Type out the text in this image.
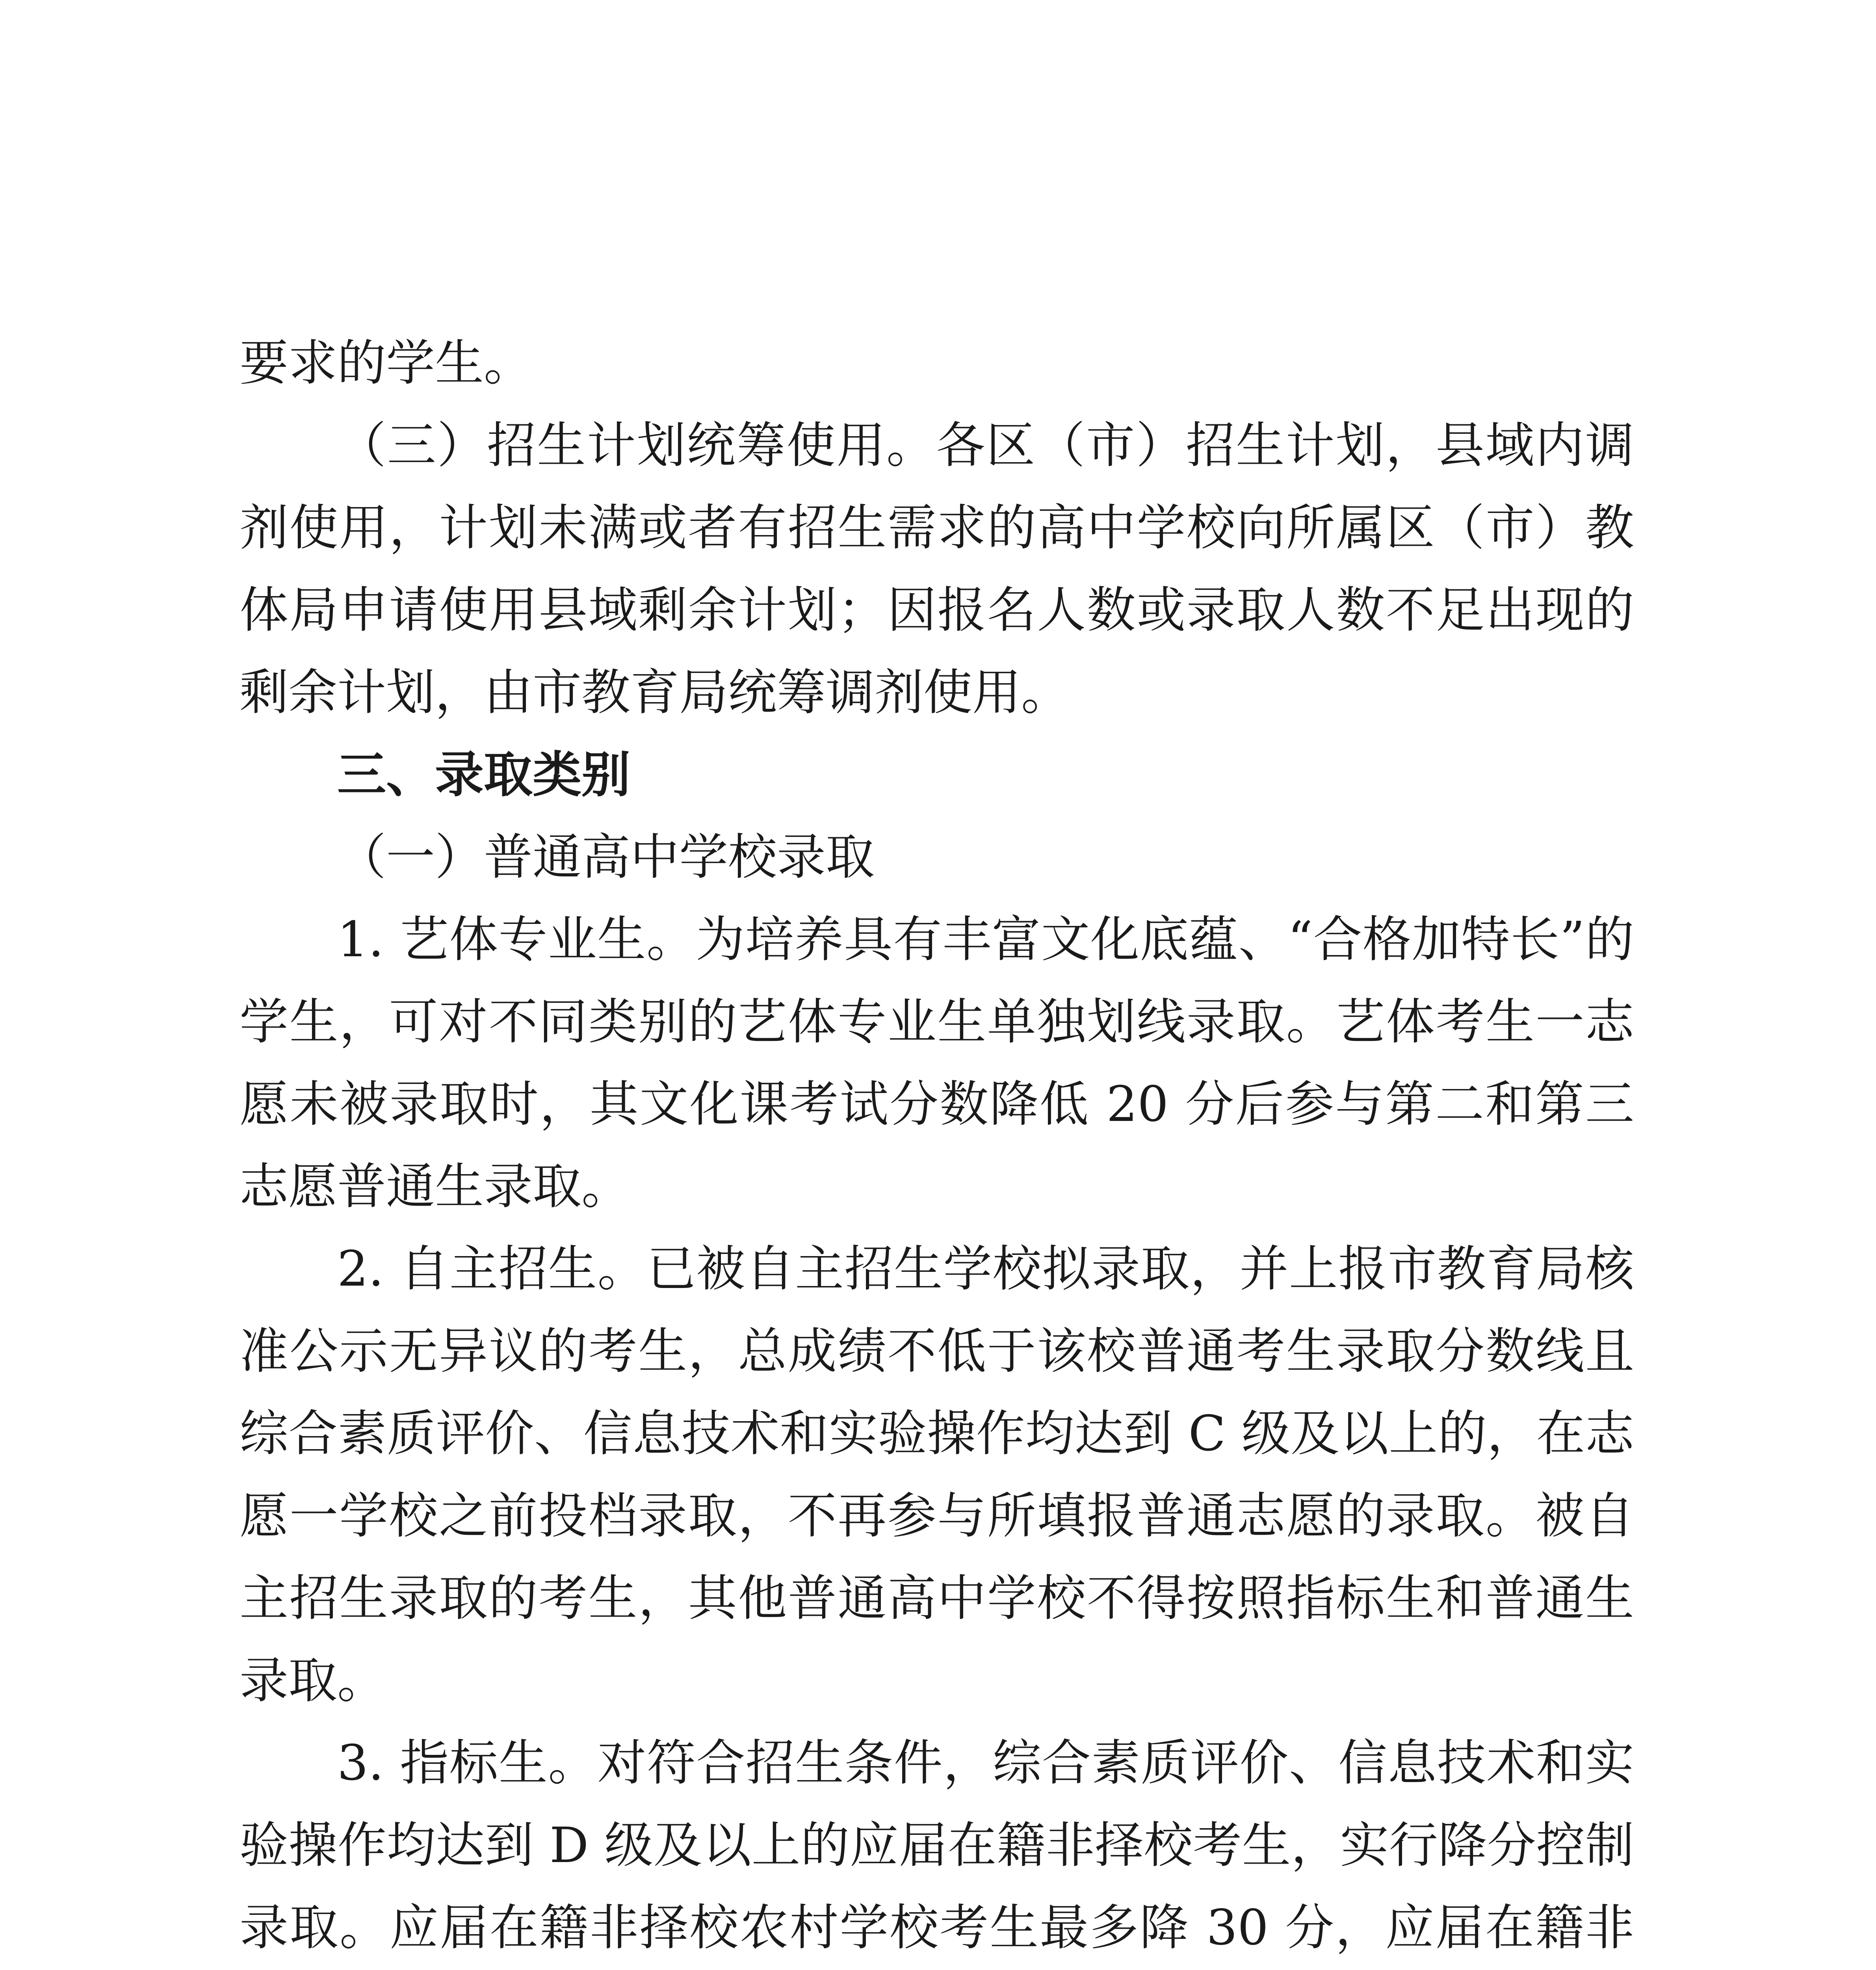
要求的学生。

（三）招生计划统筹使用。各区（市）招生计划，县域内调剂使用，计划未满或者有招生需求的高中学校向所属区（市）教体局申请使用县域剩余计划；因报名人数或录取人数不足出现的剩余计划，由市教育局统筹调剂使用。

三、录取类别

（一）普通高中学校录取

1. 艺体专业生。为培养具有丰富文化底蕴、“合格加特长”的学生，可对不同类别的艺体专业生单独划线录取。艺体考生一志愿未被录取时，其文化课考试分数降低 20 分后参与第二和第三志愿普通生录取。

2. 自主招生。已被自主招生学校拟录取，并上报市教育局核准公示无异议的考生，总成绩不低于该校普通考生录取分数线且综合素质评价、信息技术和实验操作均达到 C 级及以上的，在志愿一学校之前投档录取，不再参与所填报普通志愿的录取。被自主招生录取的考生，其他普通高中学校不得按照指标生和普通生录取。

3. 指标生。对符合招生条件，综合素质评价、信息技术和实验操作均达到 D 级及以上的应届在籍非择校考生，实行降分控制录取。应届在籍非择校农村学校考生最多降 30 分，应届在籍非
